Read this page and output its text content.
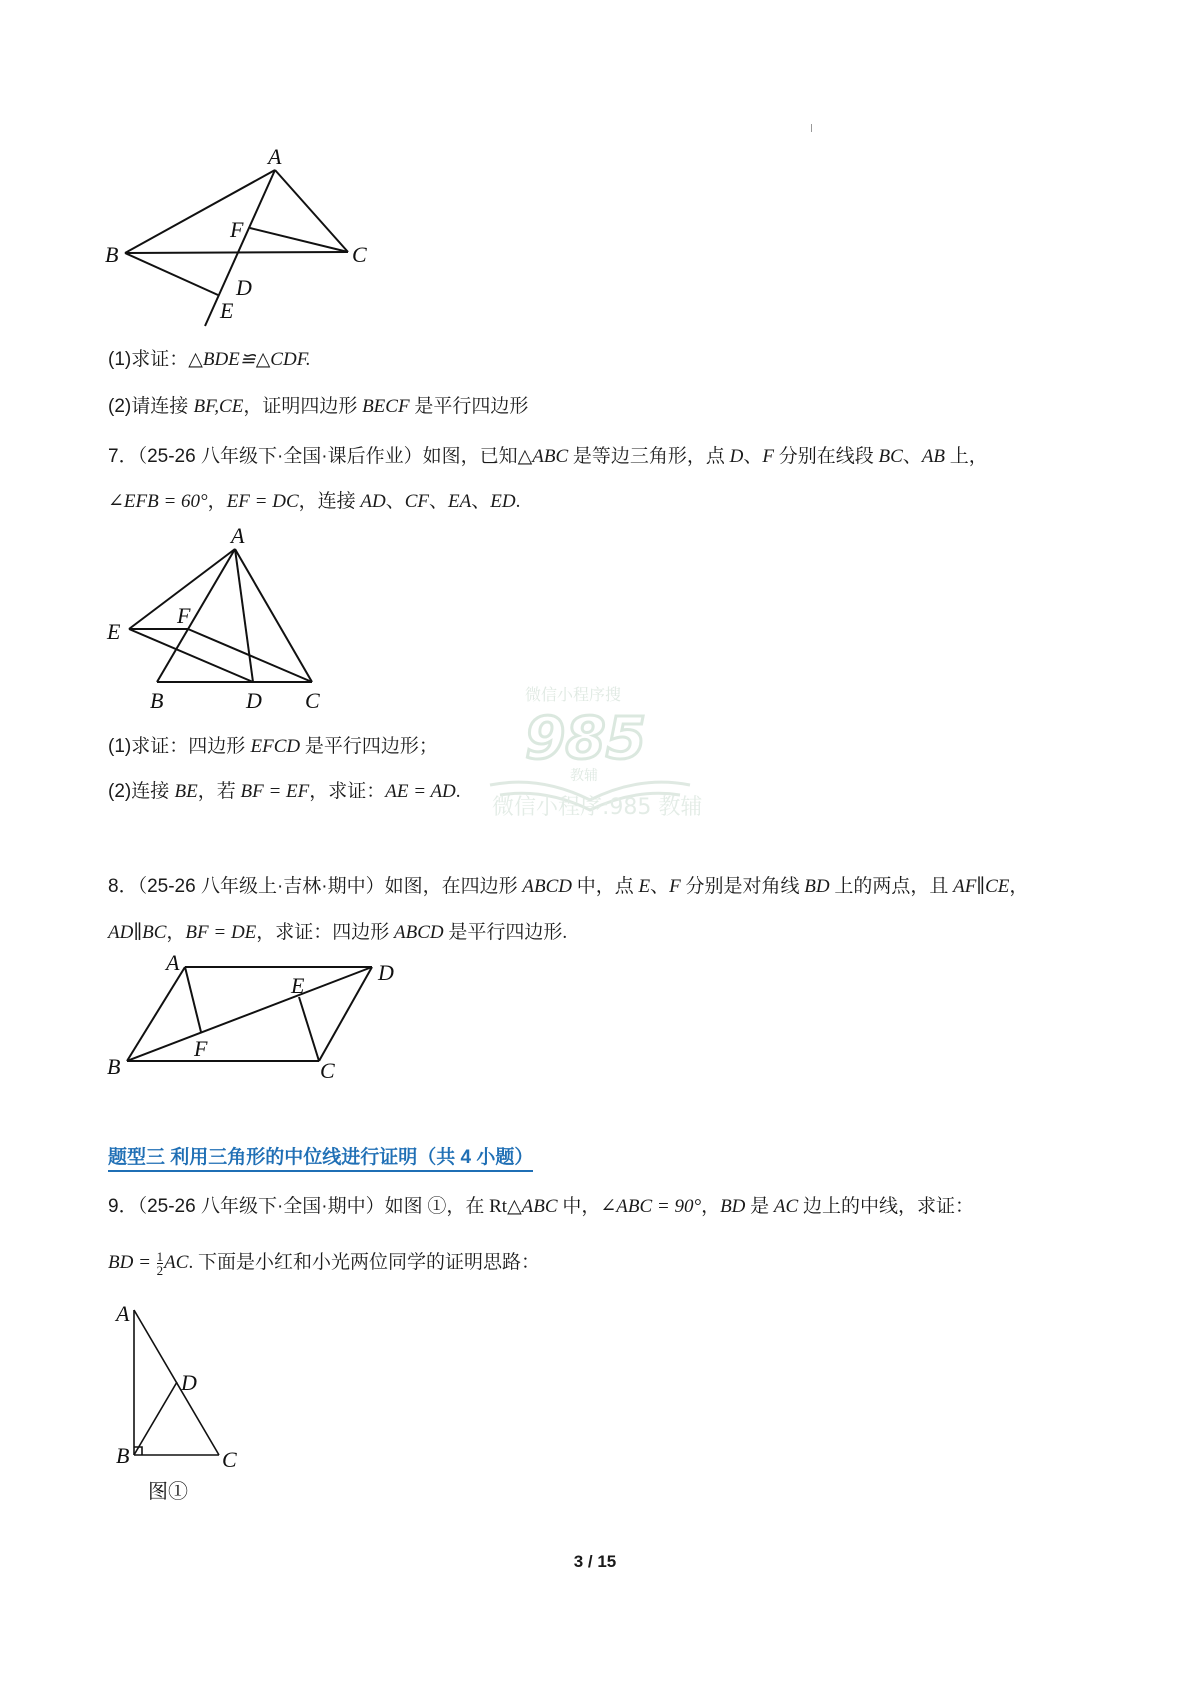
A
B	C
D
E
F
(1)求证：△BDE≌△CDF.
(2)请连接 BF,CE，证明四边形 BECF 是平行四边形
7．（25-26 八年级下·全国·课后作业）如图，已知△ABC 是等边三角形，点 D、F 分别在线段 BC、AB 上，
∠EFB = 60°，EF = DC，连接 AD、CF、EA、ED.
A
E
F
B	D C
(1)求证：四边形 EFCD 是平行四边形；
(2)连接 BE，若 BF = EF，求证：AE = AD.
微信小程序搜
985
教辅
微信小程序:985 教辅
8．（25-26 八年级上·吉林·期中）如图，在四边形 ABCD 中，点 E、F 分别是对角线 BD 上的两点，且 AF∥CE，
AD∥BC，BF = DE，求证：四边形 ABCD 是平行四边形.
A	D
E
F
B	C
题型三 利用三角形的中位线进行证明（共 4 小题）
9．（25-26 八年级下·全国·期中）如图 ①，在 Rt△ABC 中，∠ABC = 90°，BD 是 AC 边上的中线，求证：
BD = $\frac{1}{2}$ AC. 下面是小红和小光两位同学的证明思路：
A
D
B	C
图①
3 / 15
